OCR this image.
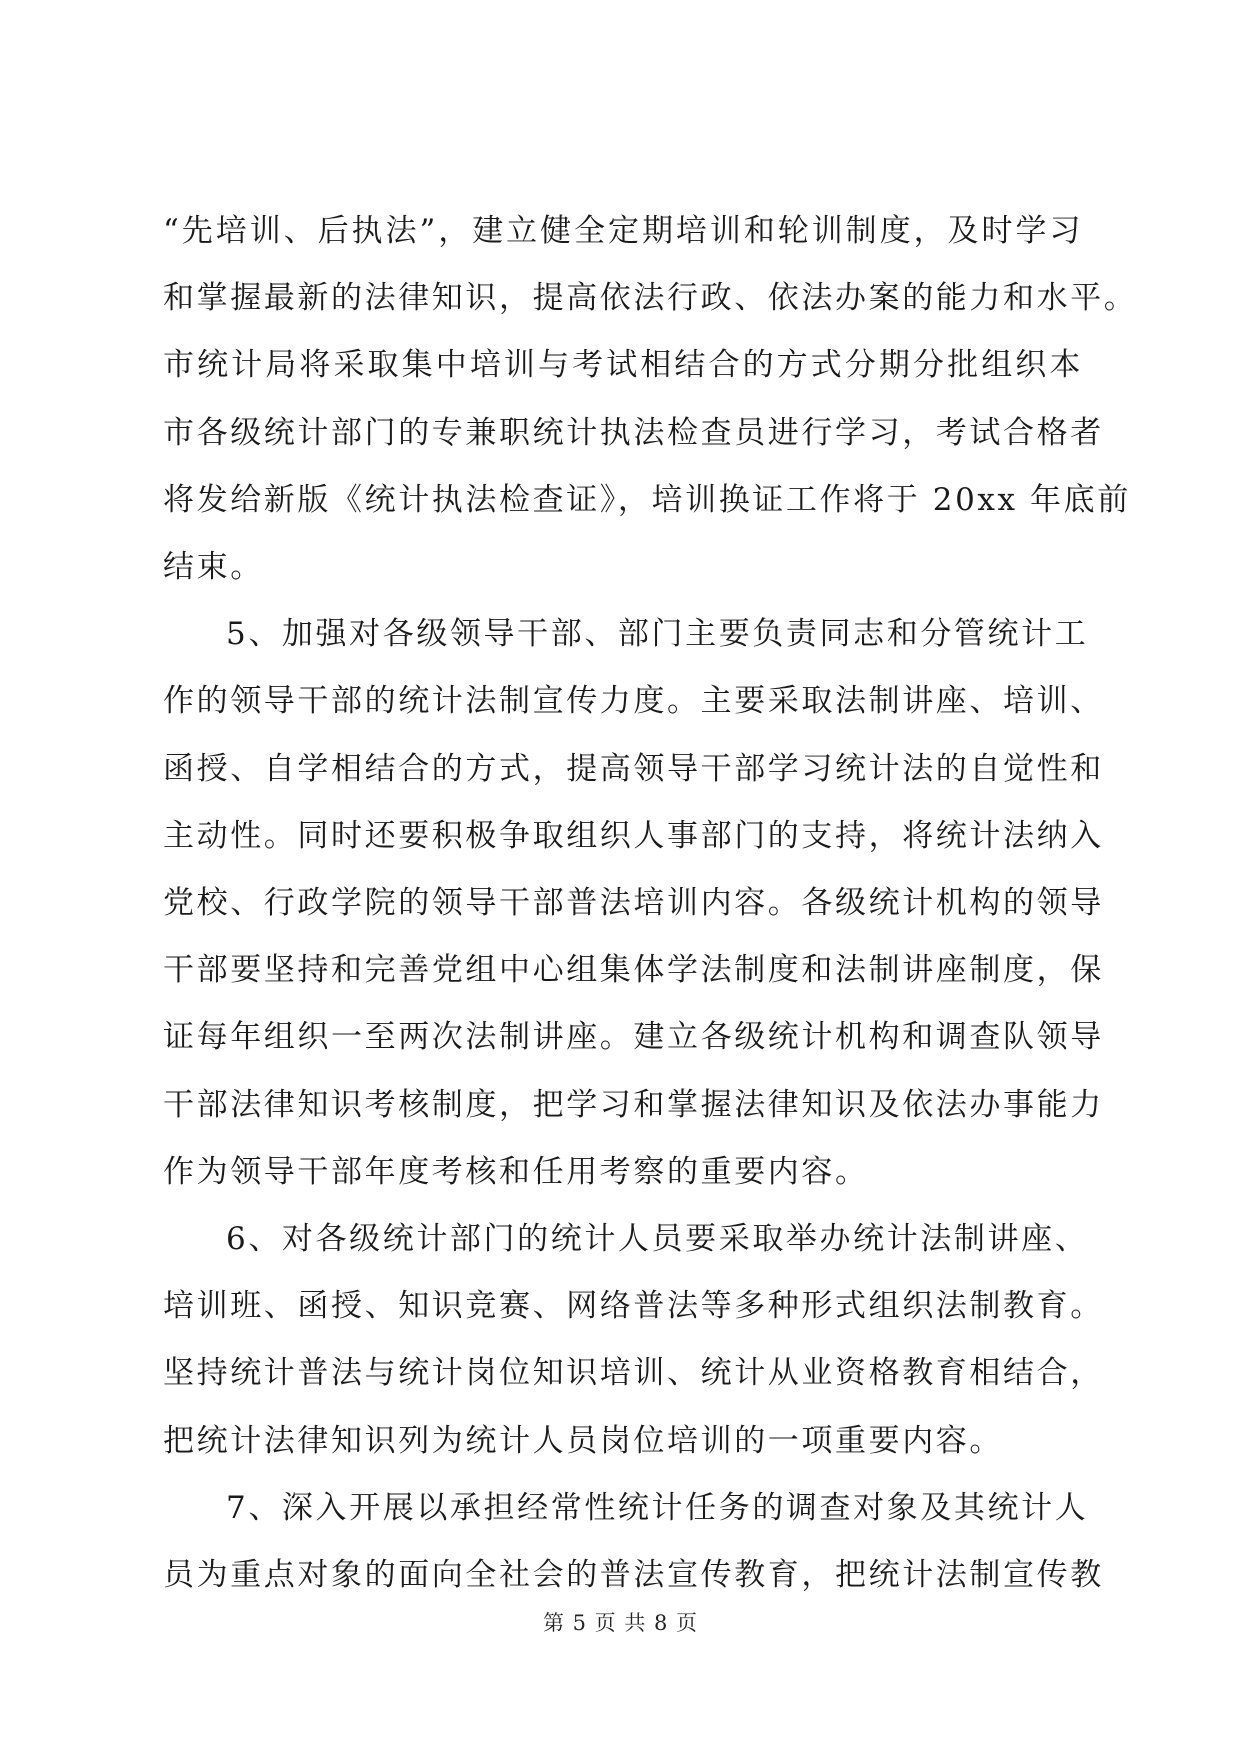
“先培训、后执法”，建立健全定期培训和轮训制度，及时学习
和掌握最新的法律知识，提高依法行政、依法办案的能力和水平。
市统计局将采取集中培训与考试相结合的方式分期分批组织本
市各级统计部门的专兼职统计执法检查员进行学习，考试合格者
将发给新版《统计执法检查证》，培训换证工作将于 20xx 年底前
结束。
5、加强对各级领导干部、部门主要负责同志和分管统计工
作的领导干部的统计法制宣传力度。主要采取法制讲座、培训、
函授、自学相结合的方式，提高领导干部学习统计法的自觉性和
主动性。同时还要积极争取组织人事部门的支持，将统计法纳入
党校、行政学院的领导干部普法培训内容。各级统计机构的领导
干部要坚持和完善党组中心组集体学法制度和法制讲座制度，保
证每年组织一至两次法制讲座。建立各级统计机构和调查队领导
干部法律知识考核制度，把学习和掌握法律知识及依法办事能力
作为领导干部年度考核和任用考察的重要内容。
6、对各级统计部门的统计人员要采取举办统计法制讲座、
培训班、函授、知识竞赛、网络普法等多种形式组织法制教育。
坚持统计普法与统计岗位知识培训、统计从业资格教育相结合，
把统计法律知识列为统计人员岗位培训的一项重要内容。
7、深入开展以承担经常性统计任务的调查对象及其统计人
员为重点对象的面向全社会的普法宣传教育，把统计法制宣传教
第 5 页 共 8 页
